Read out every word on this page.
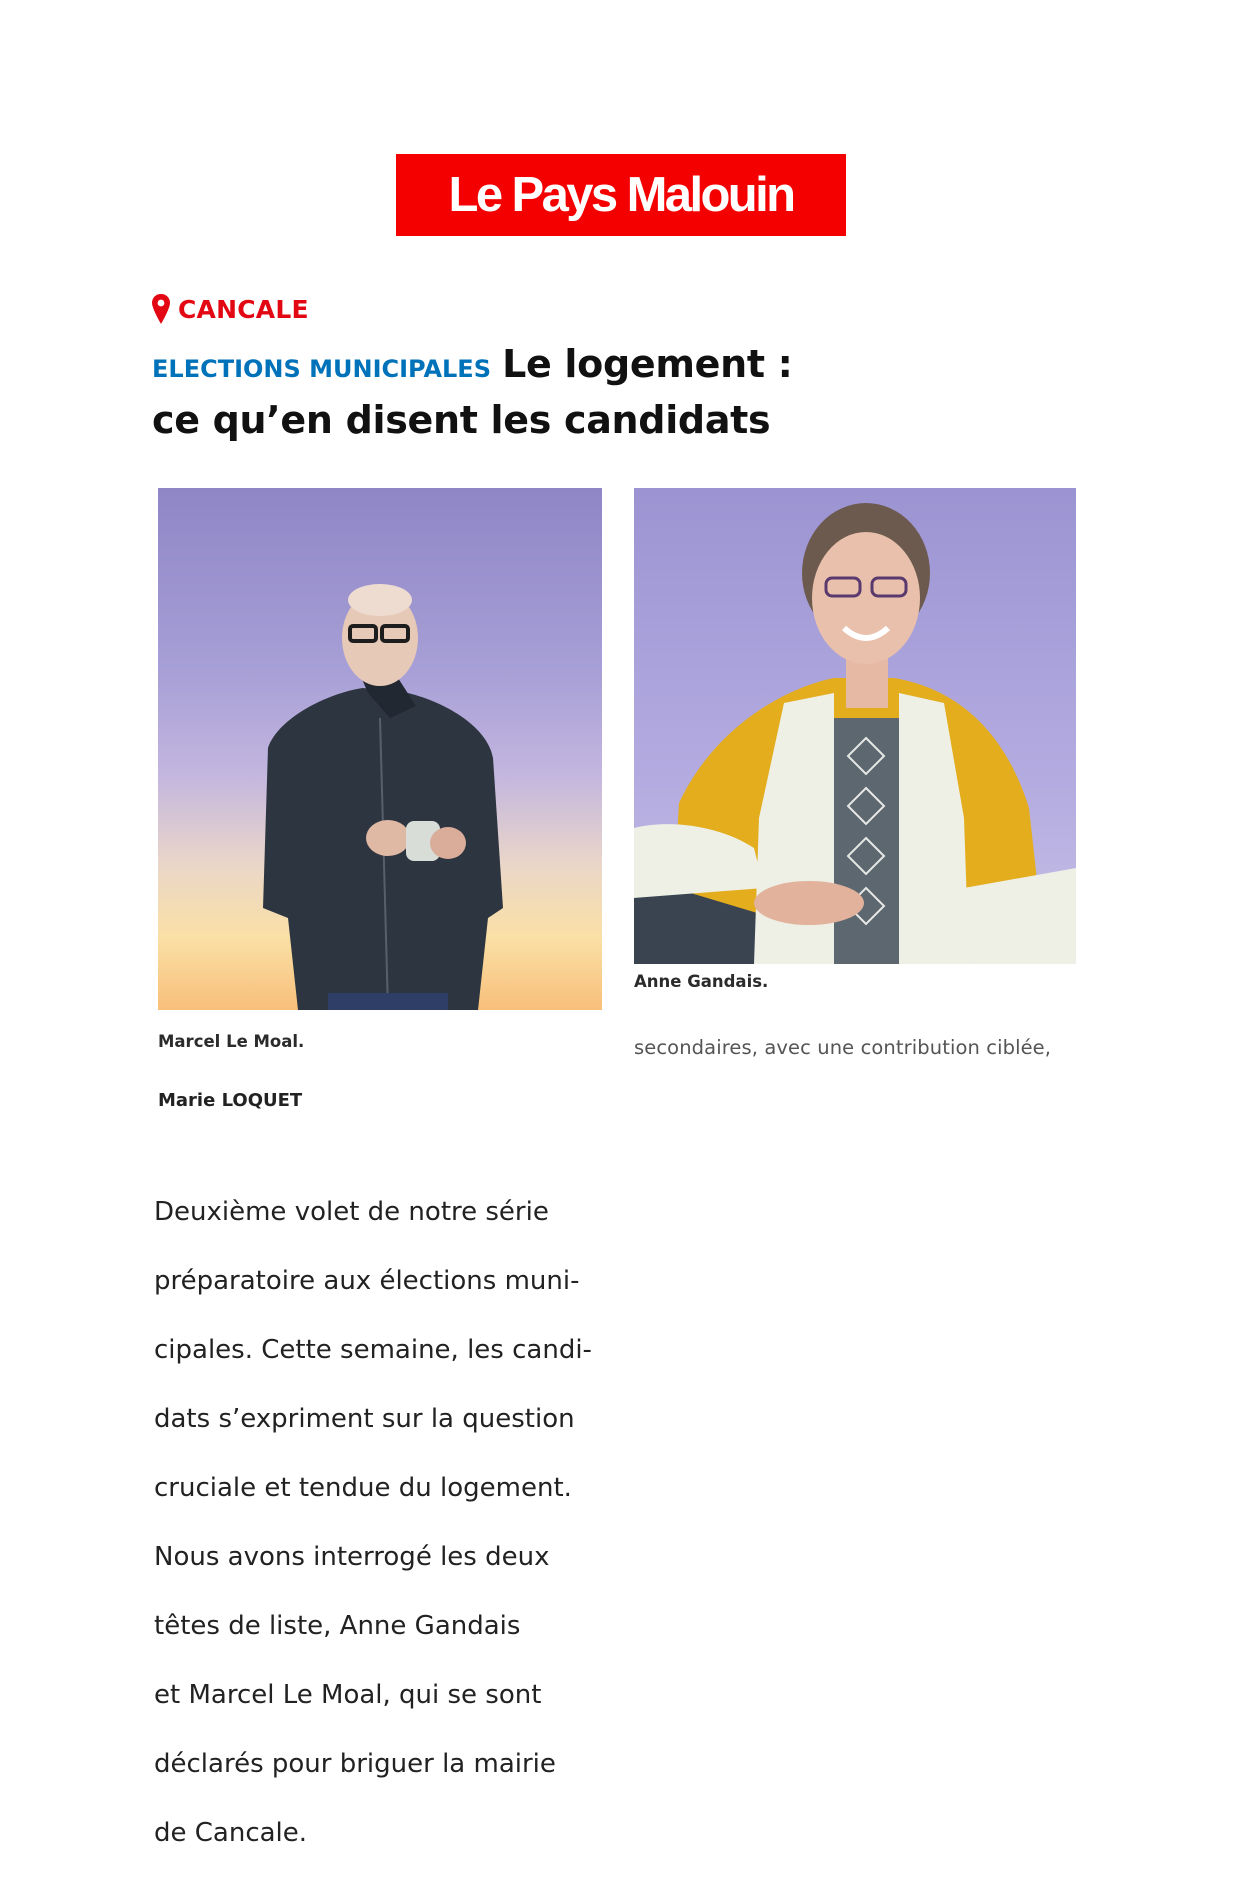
Le Pays Malouin
CANCALE
ELECTIONS MUNICIPALES Le logement : ce qu’en disent les candidats
Marcel Le Moal.
Anne Gandais.
secondaires, avec une contribution ciblée,
Marie LOQUET

Deuxième volet de notre série

préparatoire aux élections muni-

cipales. Cette semaine, les candi-

dats s’expriment sur la question

cruciale et tendue du logement.

Nous avons interrogé les deux

têtes de liste, Anne Gandais

et Marcel Le Moal, qui se sont

déclarés pour briguer la mairie

de Cancale.
